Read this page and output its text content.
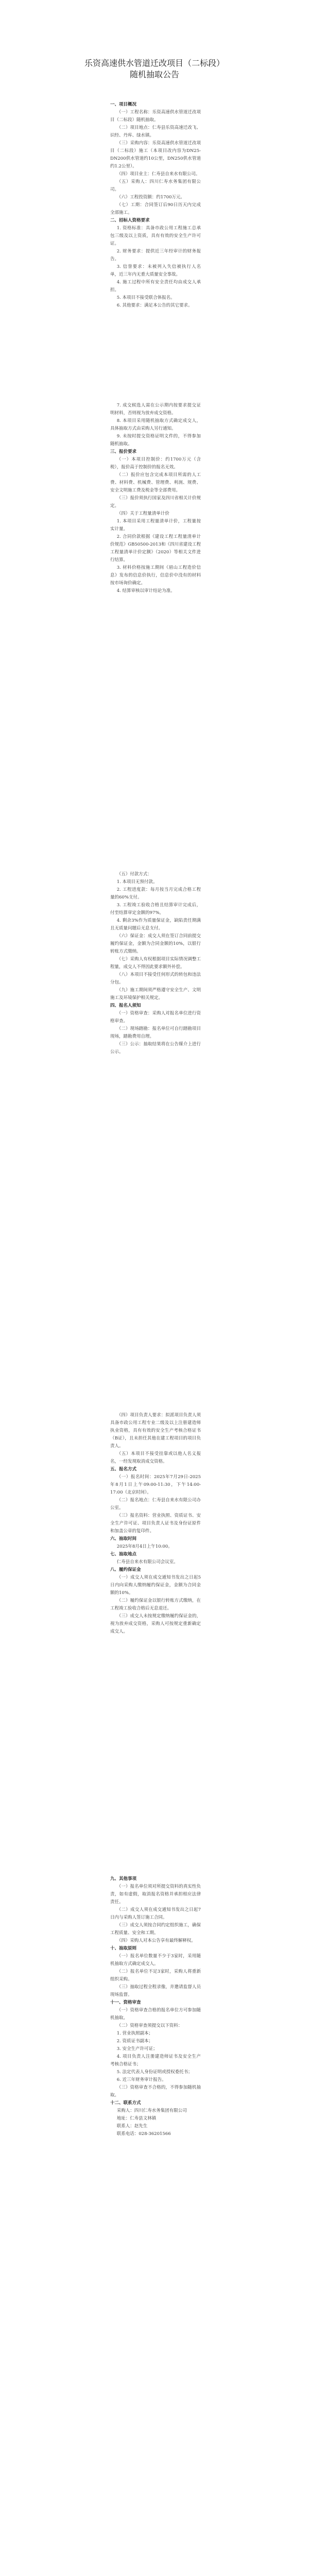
乐资高速供水管道迁改项目（二标段）
随机抽取公告

一、项目概况

（一）工程名称：乐资高速供水管道迁改项目（二标段）随机抽取。

（二）项目地点：仁寿县乐资高速迁改飞、识经、丹库、绿水镇。

（三）采购内容：乐资高速供水管道迁改项目（二标段）施工（本项目改内容为DN25-DN200供水管道约10公里，DN250供水管道约1.2公里）。

（四）项目业主：仁寿县自来水有限公司。

（五）采购人：四川仁寿水务集团有限公司。

（六）工程投资额：约1700万元。

（七）工期：合同签订后90日历天内完成全部施工。

二、招标人资格要求

1. 资格标准：具备市政公用工程施工总承包三级及以上资质，具有有效的安全生产许可证。

2. 财务要求：提供近三年经审计的财务报告。

3. 信誉要求：未被列入失信被执行人名单，近三年内无重大质量安全事故。

4. 施工过程中所有安全责任均由成交人承担。

5. 本项目不接受联合体报名。

6. 其他要求：满足本公告的其它要求。

7. 成交候选人需在公示期内按要求提交证明材料，否则视为放弃成交资格。

8. 本项目采用随机抽取方式确定成交人，具体抽取方式由采购人另行通知。

9. 未按时提交资格证明文件的，不得参加随机抽取。

三、报价要求

（一）本项目控制价：约1700万元（含税），报价高于控制价的报名无效。

（二）报价应包含完成本项目所需的人工费、材料费、机械费、管理费、利润、规费、安全文明施工费及税金等全部费用。

（三）报价须执行国家及四川省相关计价规定。

（四）关于工程量清单计价

1. 本项目采用工程量清单计价，工程量按实计量。

2. 合同价款根据《建设工程工程量清单计价规范》GB50500-2013和《四川省建设工程工程量清单计价定额》（2020）等相关文件进行结算。

3. 材料价格按施工期间《眉山工程造价信息》发布的信息价执行，信息价中没有的材料按市场询价确定。

4. 结算审核以审计结论为准。

（五）付款方式：

1. 本项目无预付款。

2. 工程进度款：每月按当月完成合格工程量的60%支付。

3. 工程竣工验收合格且结算审计完成后，付至结算审定金额的97%。

4. 剩余3%作为质量保证金，缺陷责任期满且无质量问题后无息支付。

（六）保证金：成交人须在签订合同前提交履约保证金，金额为合同金额的10%，以银行转账方式缴纳。

（七）采购人有权根据项目实际情况调整工程量，成交人不得因此要求额外补偿。

（八）本项目不接受任何形式的转包和违法分包。

（九）施工期间须严格遵守安全生产、文明施工及环境保护相关规定。

四、报名人须知

（一）资格审查：采购人对报名单位进行资格审查。

（二）现场踏勘：报名单位可自行踏勘项目现场，踏勘费用自理。

（三）公示：抽取结果将在公告媒介上进行公示。

（四）项目负责人要求：拟派项目负责人须具备市政公用工程专业二级及以上注册建造师执业资格，具有有效的安全生产考核合格证书（B证），且未担任其他在建工程项目的项目负责人。

（五）本项目不接受挂靠或以他人名义报名，一经发现取消成交资格。

五、报名方式

（一）报名时间：2025年7月29日-2025年8月1日上午09:00-11:30，下午14:00-17:00（北京时间）。

（二）报名地点：仁寿县自来水有限公司办公室。

（三）报名资料：营业执照、资质证书、安全生产许可证、项目负责人证书及身份证原件和加盖公章的复印件。

六、抽取时间

2025年8月4日上午10:00。

七、抽取地点

仁寿县自来水有限公司会议室。

八、履约保证金

（一）成交人须在成交通知书发出之日起5日内向采购人缴纳履约保证金，金额为合同金额的10%。

（二）履约保证金以银行转账方式缴纳，在工程竣工验收合格后无息退还。

（三）成交人未按规定缴纳履约保证金的，视为放弃成交资格，采购人可按规定重新确定成交人。

九、其他事项

（一）报名单位须对所提交资料的真实性负责，如有虚假，取消报名资格并承担相应法律责任。

（二）成交人须在成交通知书发出之日起7日内与采购人签订施工合同。

（三）成交人须按合同约定组织施工，确保工程质量、安全和工期。

（四）采购人对本公告享有最终解释权。

十、抽取原则

（一）报名单位数量不少于3家时，采用随机抽取方式确定成交人。

（二）报名单位不足3家时，采购人将重新组织采购。

（三）抽取过程全程录像，并邀请监督人员现场监督。

十一、资格审查

（一）资格审查合格的报名单位方可参加随机抽取。

（二）资格审查须提交以下资料：

1. 营业执照副本；

2. 资质证书副本；

3. 安全生产许可证；

4. 项目负责人注册建造师证书及安全生产考核合格证书；

5. 法定代表人身份证明或授权委托书；

6. 近三年财务审计报告。

（三）资格审查不合格的，不得参加随机抽取。

十二、联系方式

采购人：四川仁寿水务集团有限公司

地址：仁寿县文林镇

联系人：赵先生

联系电话：028-36201566
